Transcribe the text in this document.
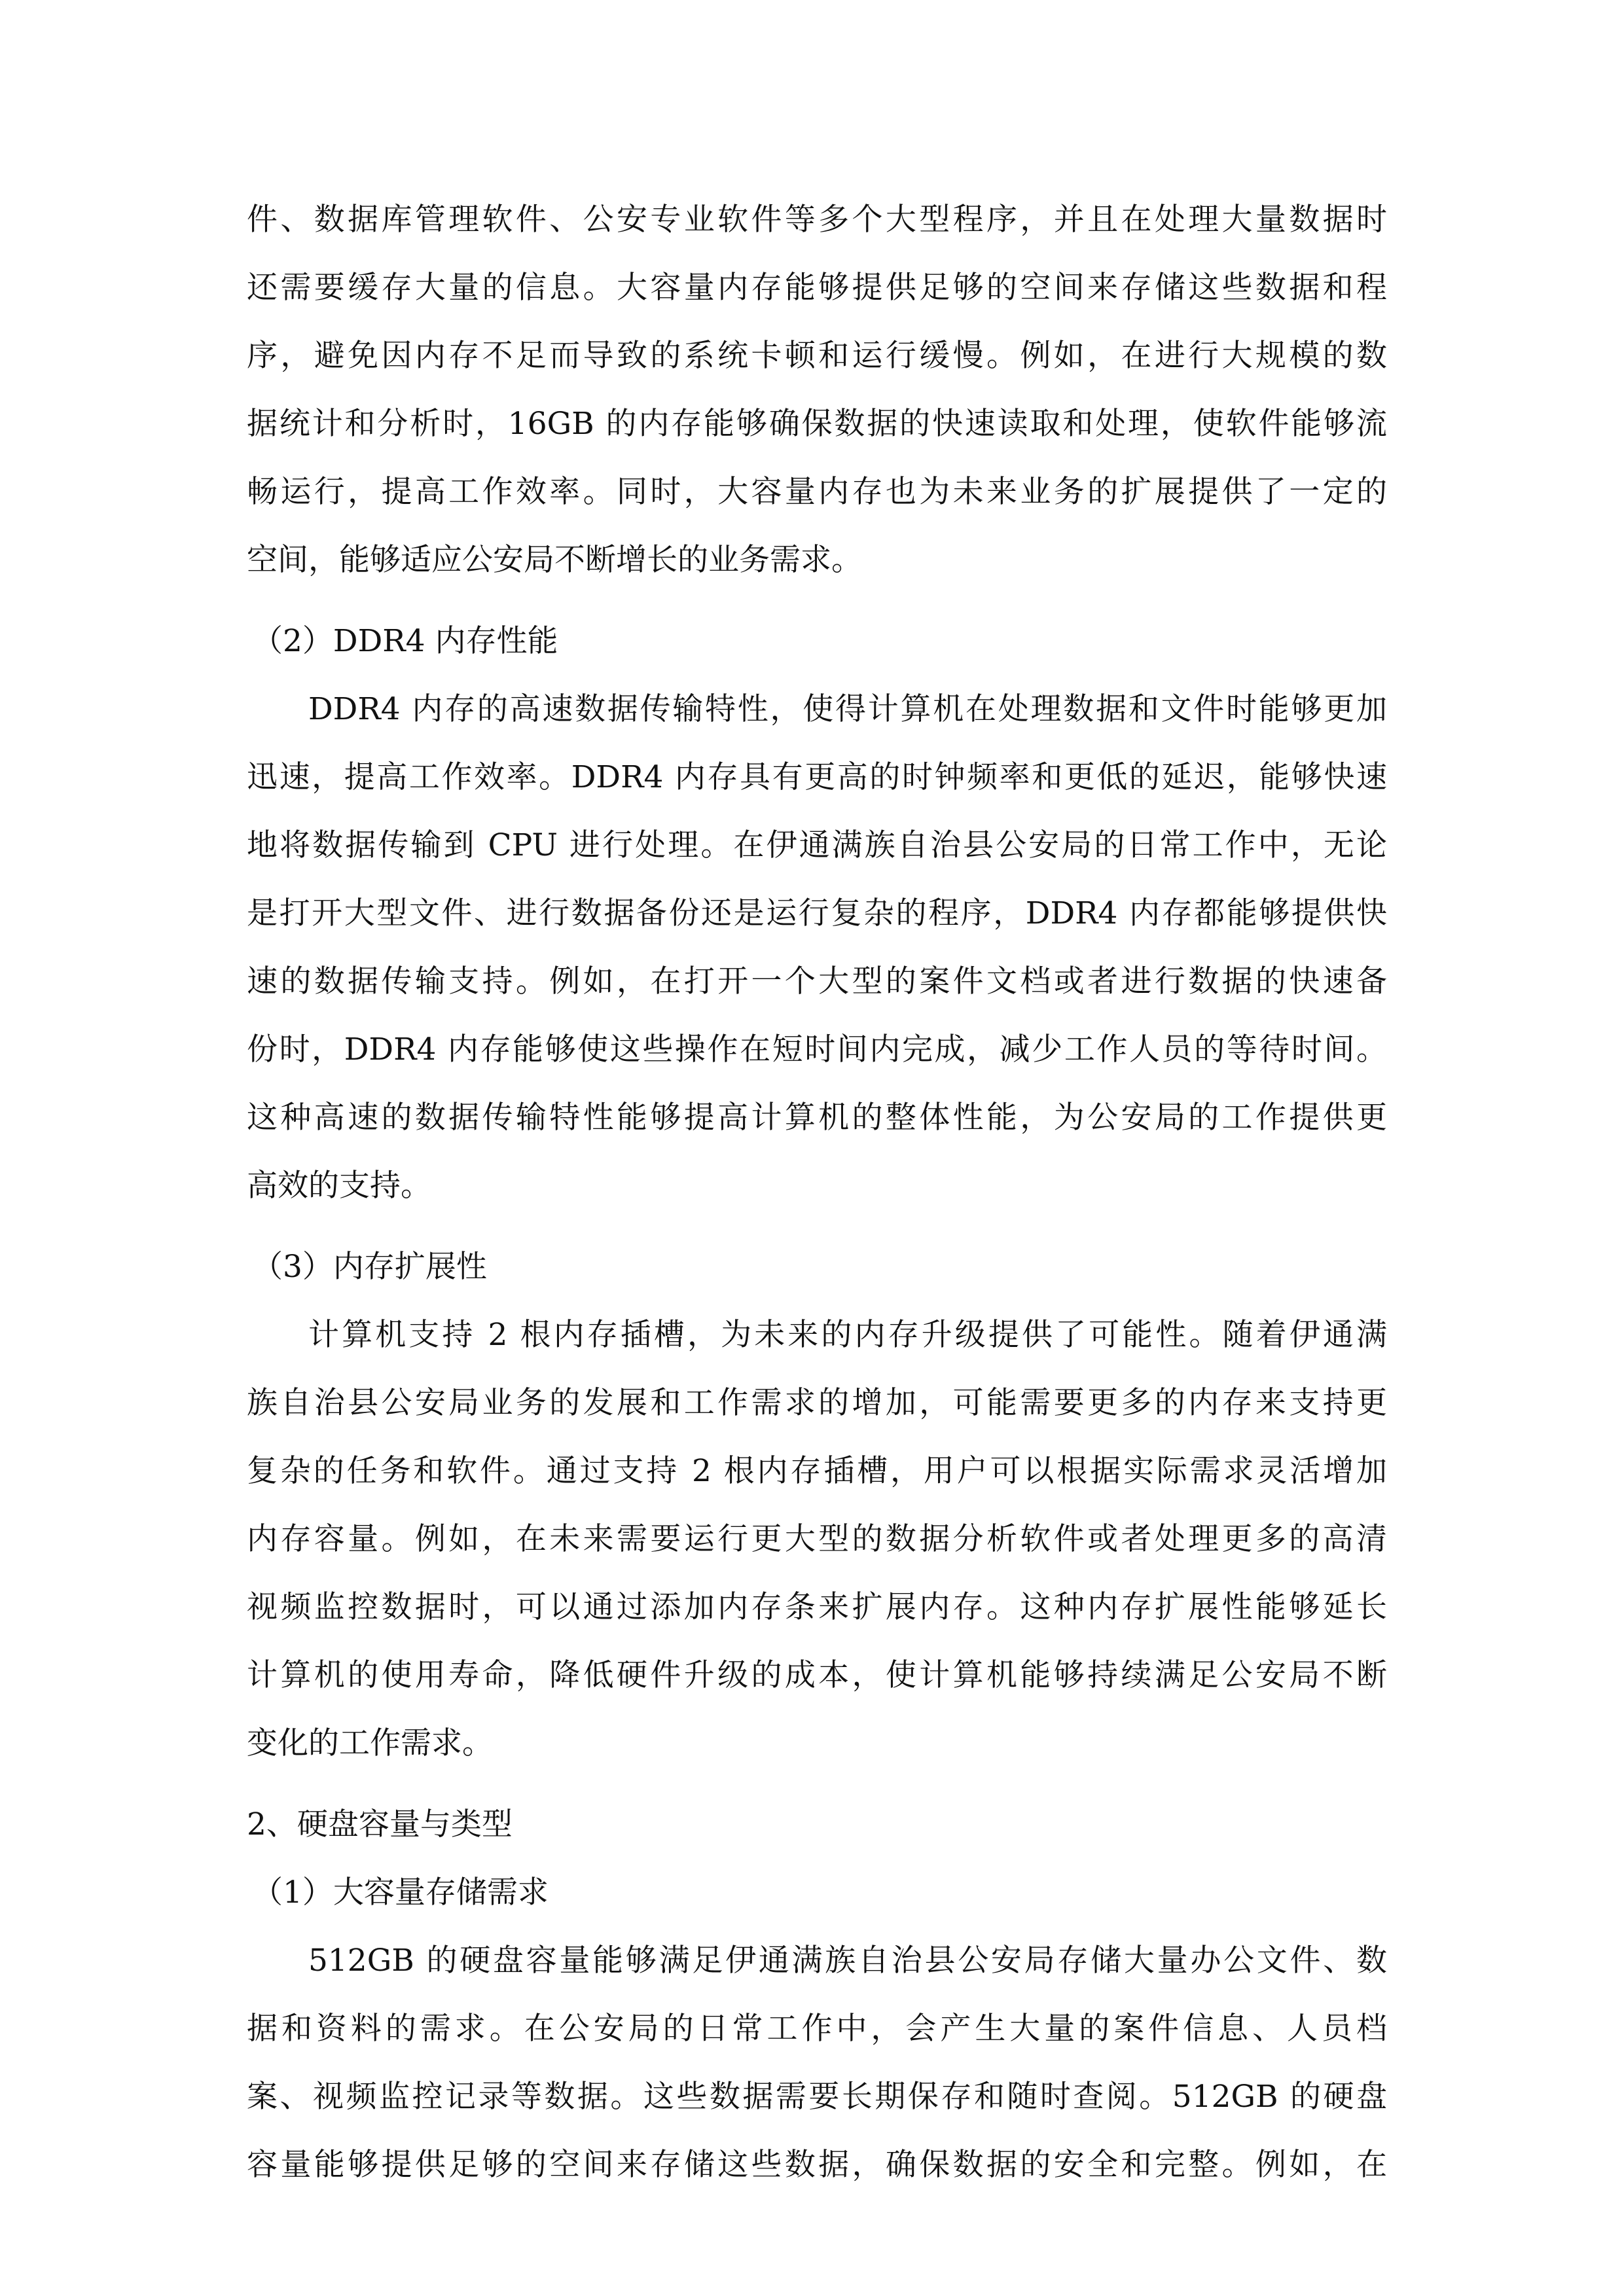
件、数据库管理软件、公安专业软件等多个大型程序，并且在处理大量数据时
还需要缓存大量的信息。大容量内存能够提供足够的空间来存储这些数据和程
序，避免因内存不足而导致的系统卡顿和运行缓慢。例如，在进行大规模的数
据统计和分析时，16GB 的内存能够确保数据的快速读取和处理，使软件能够流
畅运行，提高工作效率。同时，大容量内存也为未来业务的扩展提供了一定的
空间，能够适应公安局不断增长的业务需求。
（2）DDR4 内存性能
DDR4 内存的高速数据传输特性，使得计算机在处理数据和文件时能够更加
迅速，提高工作效率。DDR4 内存具有更高的时钟频率和更低的延迟，能够快速
地将数据传输到 CPU 进行处理。在伊通满族自治县公安局的日常工作中，无论
是打开大型文件、进行数据备份还是运行复杂的程序，DDR4 内存都能够提供快
速的数据传输支持。例如，在打开一个大型的案件文档或者进行数据的快速备
份时，DDR4 内存能够使这些操作在短时间内完成，减少工作人员的等待时间。
这种高速的数据传输特性能够提高计算机的整体性能，为公安局的工作提供更
高效的支持。
（3）内存扩展性
计算机支持 2 根内存插槽，为未来的内存升级提供了可能性。随着伊通满
族自治县公安局业务的发展和工作需求的增加，可能需要更多的内存来支持更
复杂的任务和软件。通过支持 2 根内存插槽，用户可以根据实际需求灵活增加
内存容量。例如，在未来需要运行更大型的数据分析软件或者处理更多的高清
视频监控数据时，可以通过添加内存条来扩展内存。这种内存扩展性能够延长
计算机的使用寿命，降低硬件升级的成本，使计算机能够持续满足公安局不断
变化的工作需求。
2、硬盘容量与类型
（1）大容量存储需求
512GB 的硬盘容量能够满足伊通满族自治县公安局存储大量办公文件、数
据和资料的需求。在公安局的日常工作中，会产生大量的案件信息、人员档
案、视频监控记录等数据。这些数据需要长期保存和随时查阅。512GB 的硬盘
容量能够提供足够的空间来存储这些数据，确保数据的安全和完整。例如，在
